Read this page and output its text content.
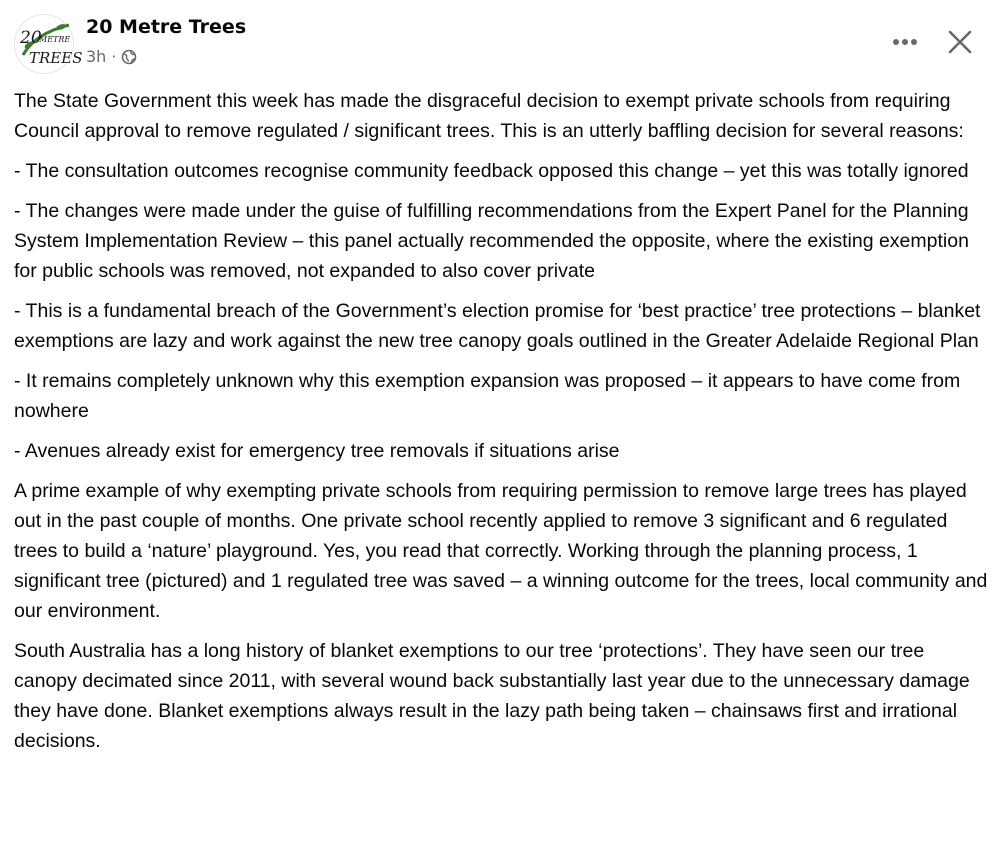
20
METRE
TREES
20 Metre Trees
3h ·

The State Government this week has made the disgraceful decision to exempt private schools from requiring Council approval to remove regulated / significant trees. This is an utterly baffling decision for several reasons:

- The consultation outcomes recognise community feedback opposed this change – yet this was totally ignored

- The changes were made under the guise of fulfilling recommendations from the Expert Panel for the Planning System Implementation Review – this panel actually recommended the opposite, where the existing exemption for public schools was removed, not expanded to also cover private

- This is a fundamental breach of the Government’s election promise for ‘best practice’ tree protections – blanket exemptions are lazy and work against the new tree canopy goals outlined in the Greater Adelaide Regional Plan

- It remains completely unknown why this exemption expansion was proposed – it appears to have come from nowhere

- Avenues already exist for emergency tree removals if situations arise

A prime example of why exempting private schools from requiring permission to remove large trees has played out in the past couple of months. One private school recently applied to remove 3 significant and 6 regulated trees to build a ‘nature’ playground. Yes, you read that correctly. Working through the planning process, 1 significant tree (pictured) and 1 regulated tree was saved – a winning outcome for the trees, local community and our environment.

South Australia has a long history of blanket exemptions to our tree ‘protections’. They have seen our tree canopy decimated since 2011, with several wound back substantially last year due to the unnecessary damage they have done. Blanket exemptions always result in the lazy path being taken – chainsaws first and irrational decisions.
